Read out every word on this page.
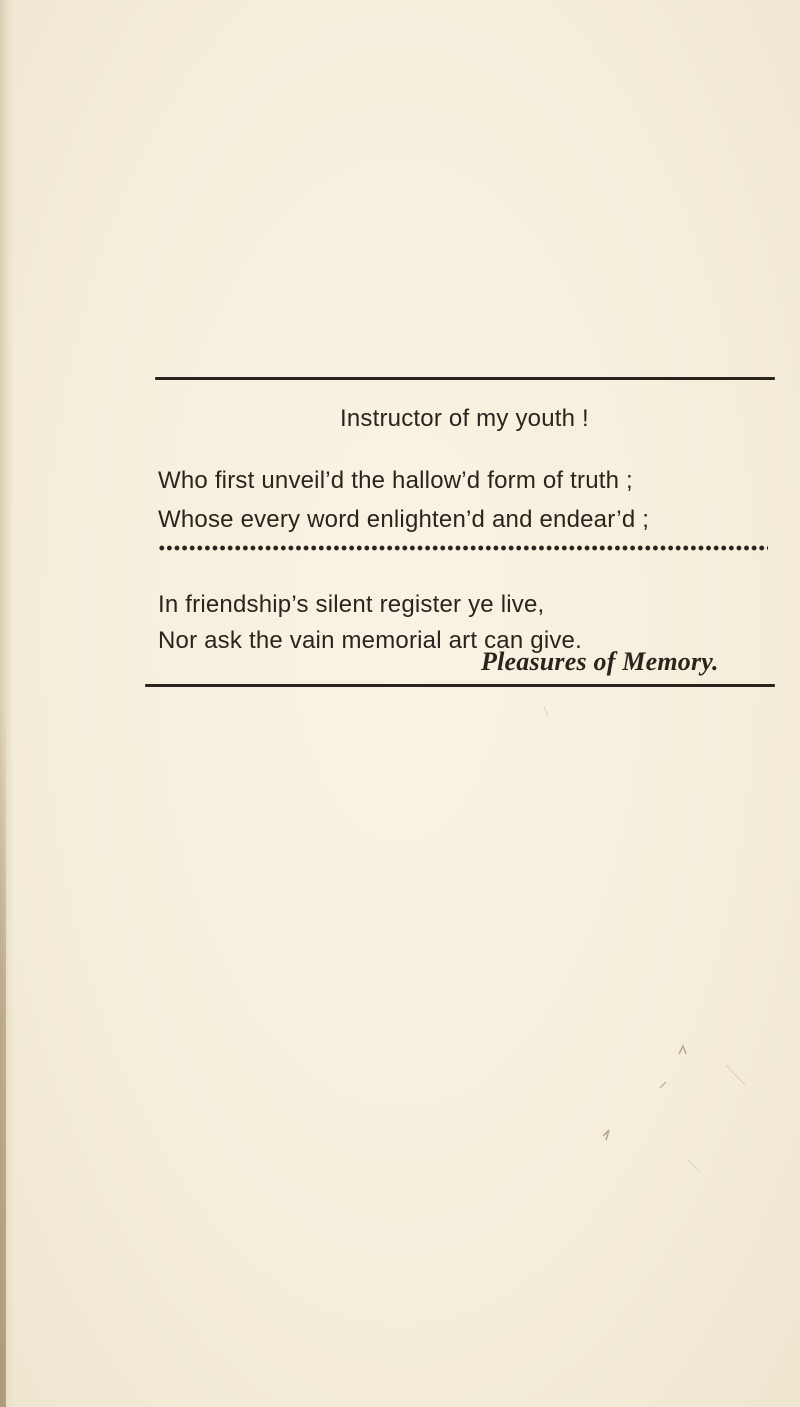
Instructor of my youth !

Who first unveil’d the hallow’d form of truth ;

Whose every word enlighten’d and endear’d ;

In friendship’s silent register ye live,

Nor ask the vain memorial art can give.

Pleasures of Memory.
